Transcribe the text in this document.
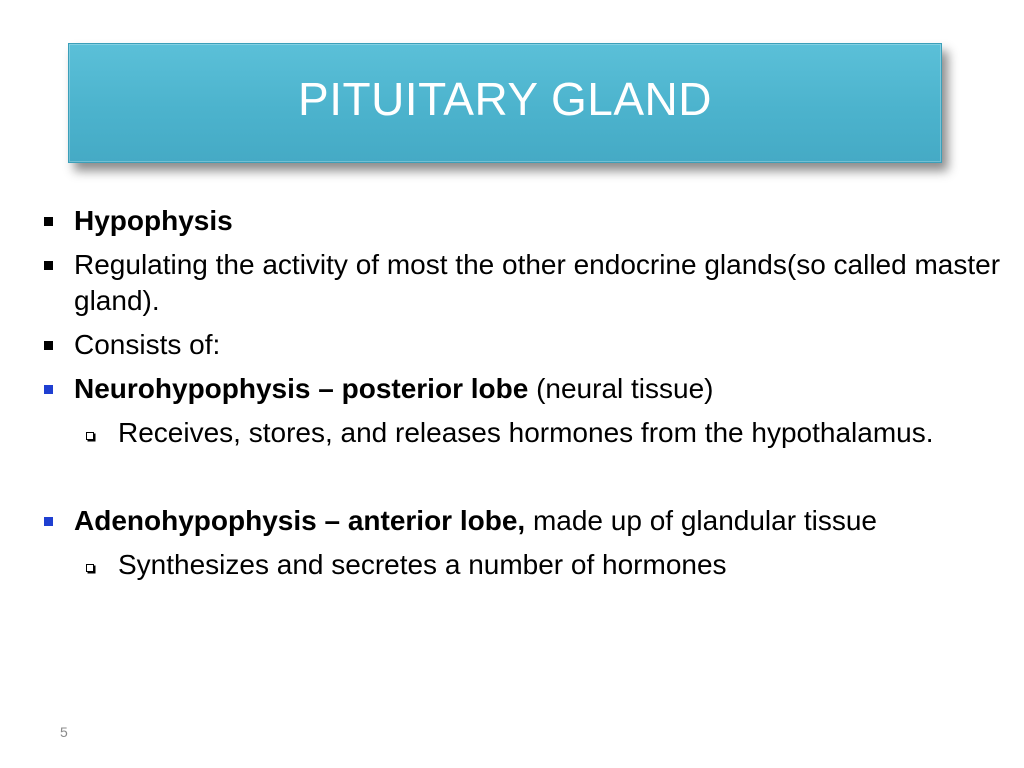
PITUITARY GLAND
Hypophysis
Regulating the activity of most the other endocrine glands(so called master gland).
Consists of:
Neurohypophysis – posterior lobe (neural tissue)
Receives, stores, and releases hormones from the hypothalamus.
Adenohypophysis – anterior lobe, made up of glandular tissue
Synthesizes and secretes a number of hormones
5
